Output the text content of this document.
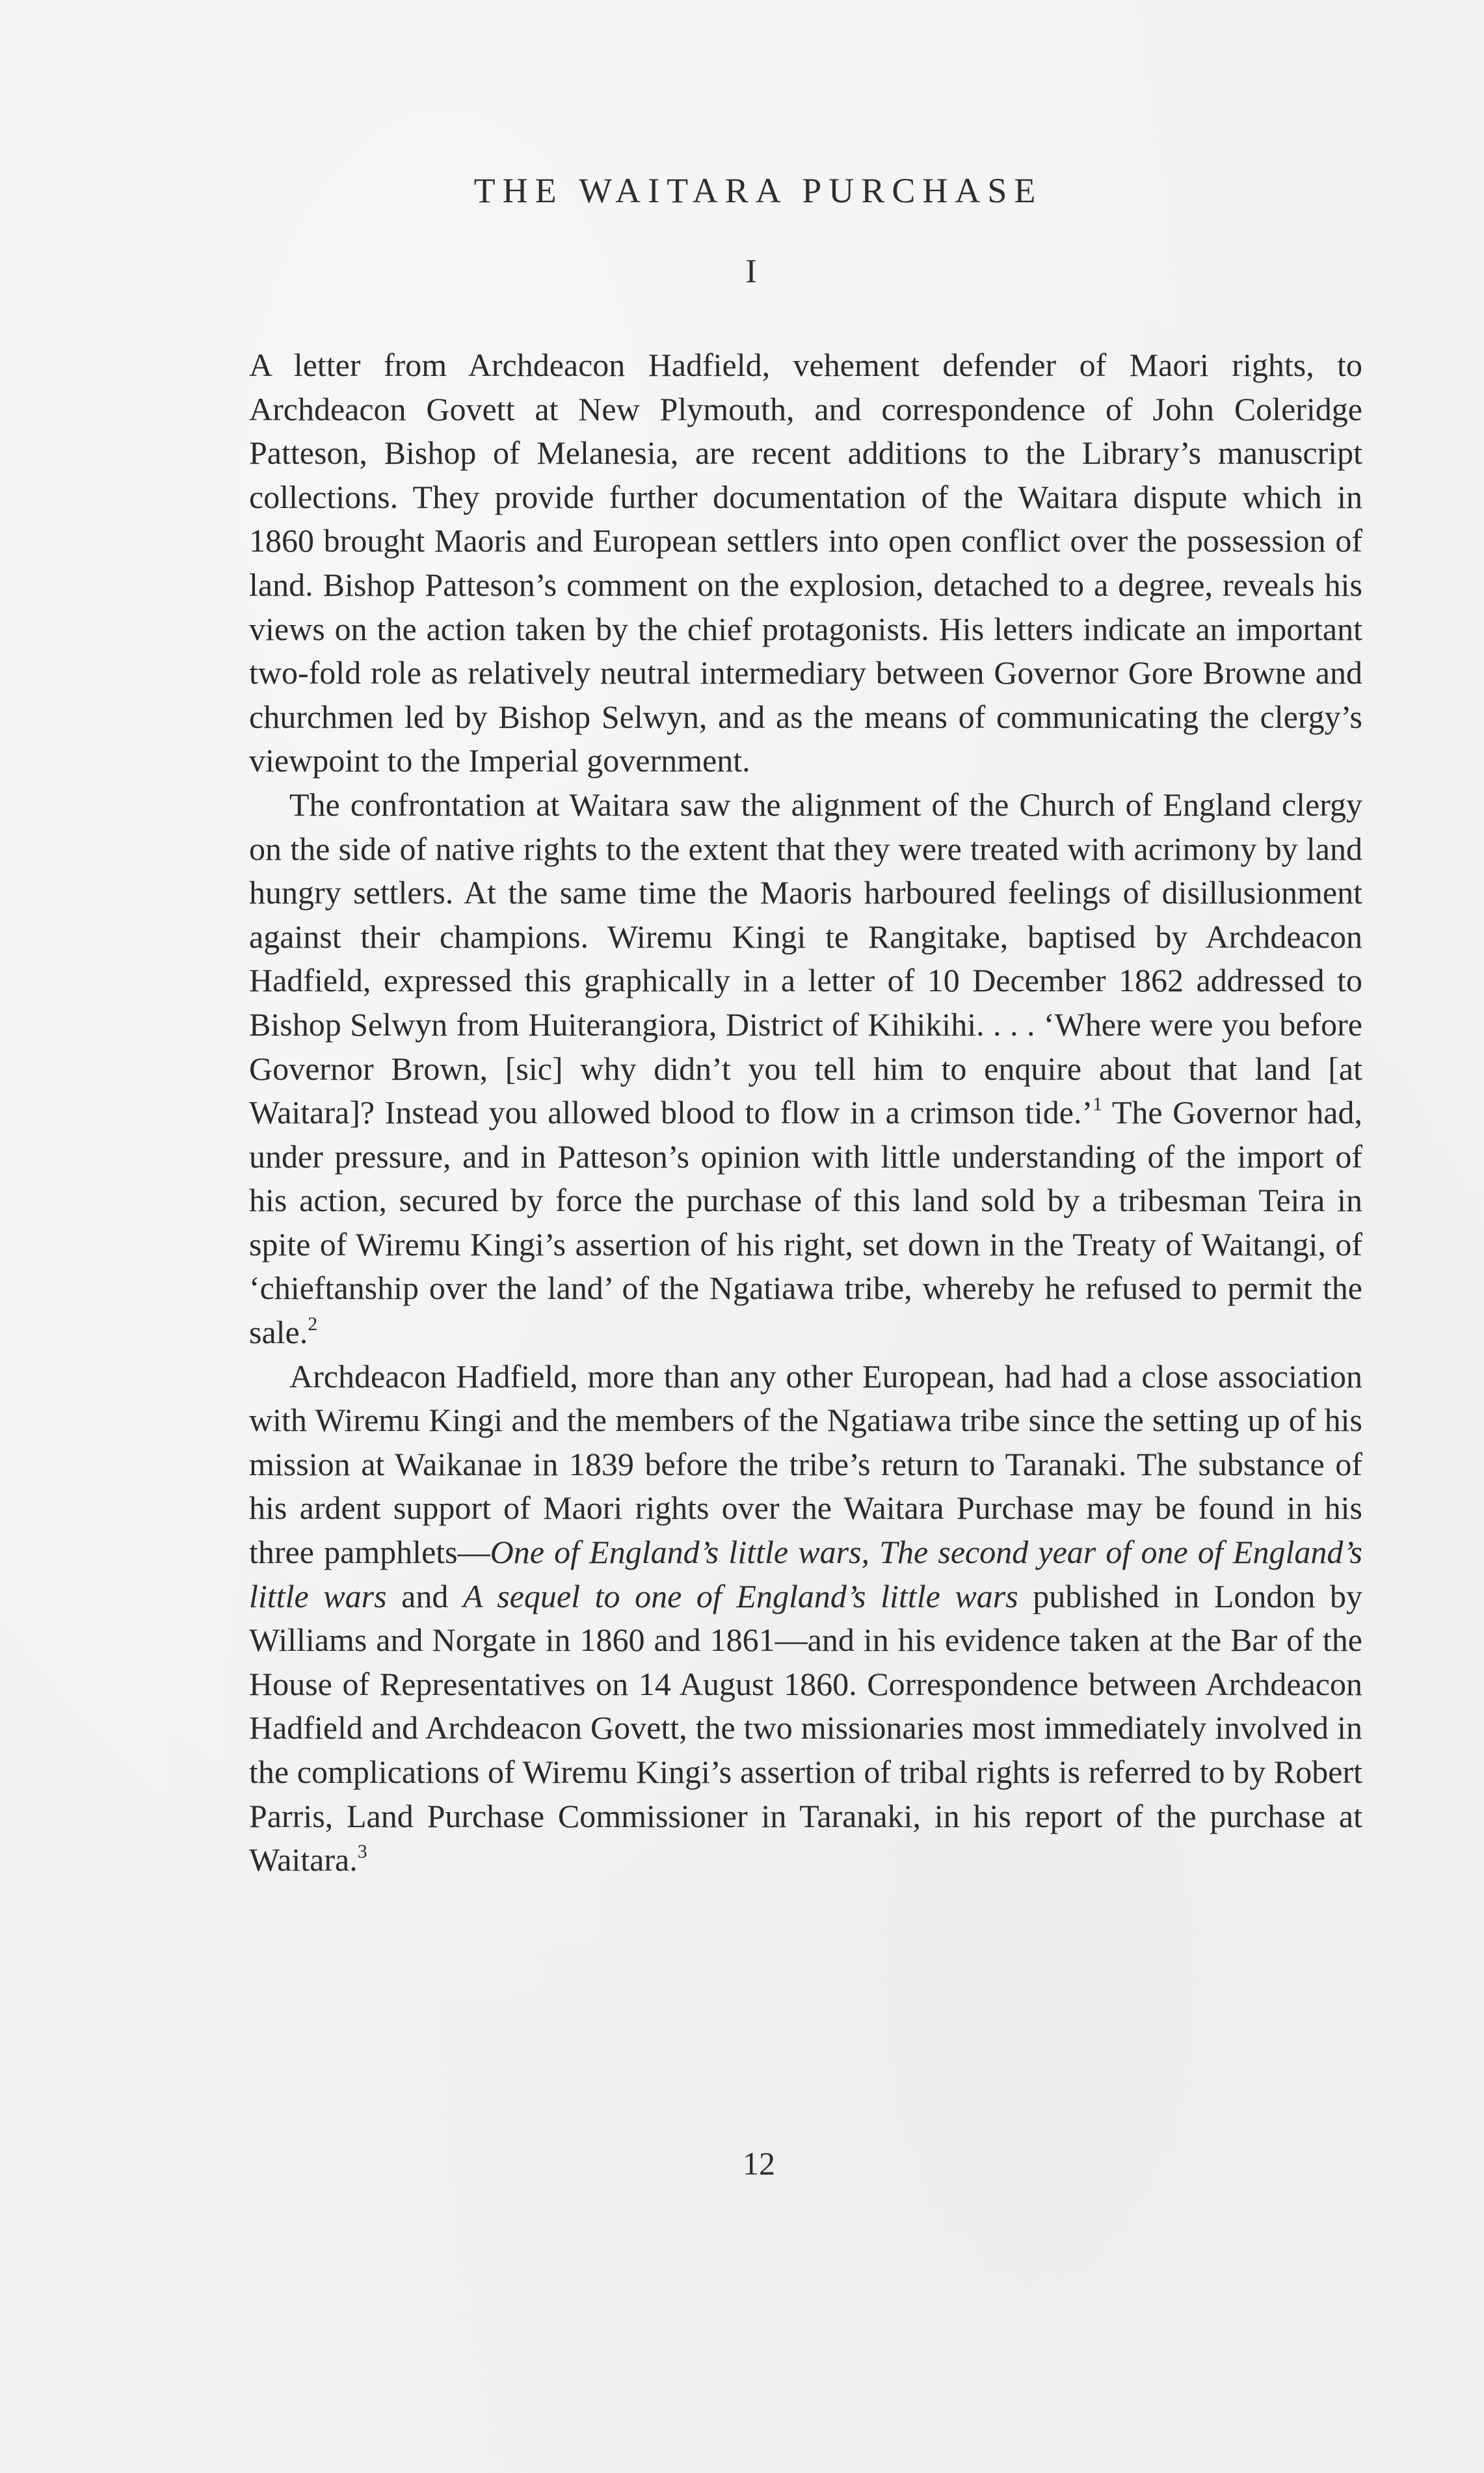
THE WAITARA PURCHASE
I

A letter from Archdeacon Hadfield, vehement defender of Maori rights, to Archdeacon Govett at New Plymouth, and correspondence of John Coleridge Patteson, Bishop of Melanesia, are recent additions to the Library’s manuscript collections. They provide further documentation of the Waitara dispute which in 1860 brought Maoris and European settlers into open conflict over the possession of land. Bishop Patteson’s comment on the explosion, detached to a degree, reveals his views on the action taken by the chief protagonists. His letters indicate an important two-fold role as relatively neutral intermediary between Governor Gore Browne and churchmen led by Bishop Selwyn, and as the means of communicating the clergy’s viewpoint to the Imperial government.

The confrontation at Waitara saw the alignment of the Church of England clergy on the side of native rights to the extent that they were treated with acrimony by land hungry settlers. At the same time the Maoris harboured feelings of disillusionment against their champions. Wiremu Kingi te Rangitake, baptised by Archdeacon Hadfield, expressed this graphically in a letter of 10 December 1862 addressed to Bishop Selwyn from Huiterangiora, District of Kihikihi. . . . ‘Where were you before Governor Brown, [sic] why didn’t you tell him to enquire about that land [at Waitara]? Instead you allowed blood to flow in a crimson tide.’$^1$ The Governor had, under pressure, and in Patteson’s opinion with little understanding of the import of his action, secured by force the purchase of this land sold by a tribesman Teira in spite of Wiremu Kingi’s assertion of his right, set down in the Treaty of Waitangi, of ‘chieftanship over the land’ of the Ngatiawa tribe, whereby he refused to permit the sale.$^2$

Archdeacon Hadfield, more than any other European, had had a close association with Wiremu Kingi and the members of the Ngatiawa tribe since the setting up of his mission at Waikanae in 1839 before the tribe’s return to Taranaki. The substance of his ardent support of Maori rights over the Waitara Purchase may be found in his three pamphlets—One of England’s little wars, The second year of one of England’s little wars and A sequel to one of England’s little wars published in London by Williams and Norgate in 1860 and 1861—and in his evidence taken at the Bar of the House of Representatives on 14 August 1860. Correspondence between Archdeacon Hadfield and Archdeacon Govett, the two missionaries most immediately involved in the complications of Wiremu Kingi’s assertion of tribal rights is referred to by Robert Parris, Land Purchase Commissioner in Taranaki, in his report of the purchase at Waitara.$^3$

12
